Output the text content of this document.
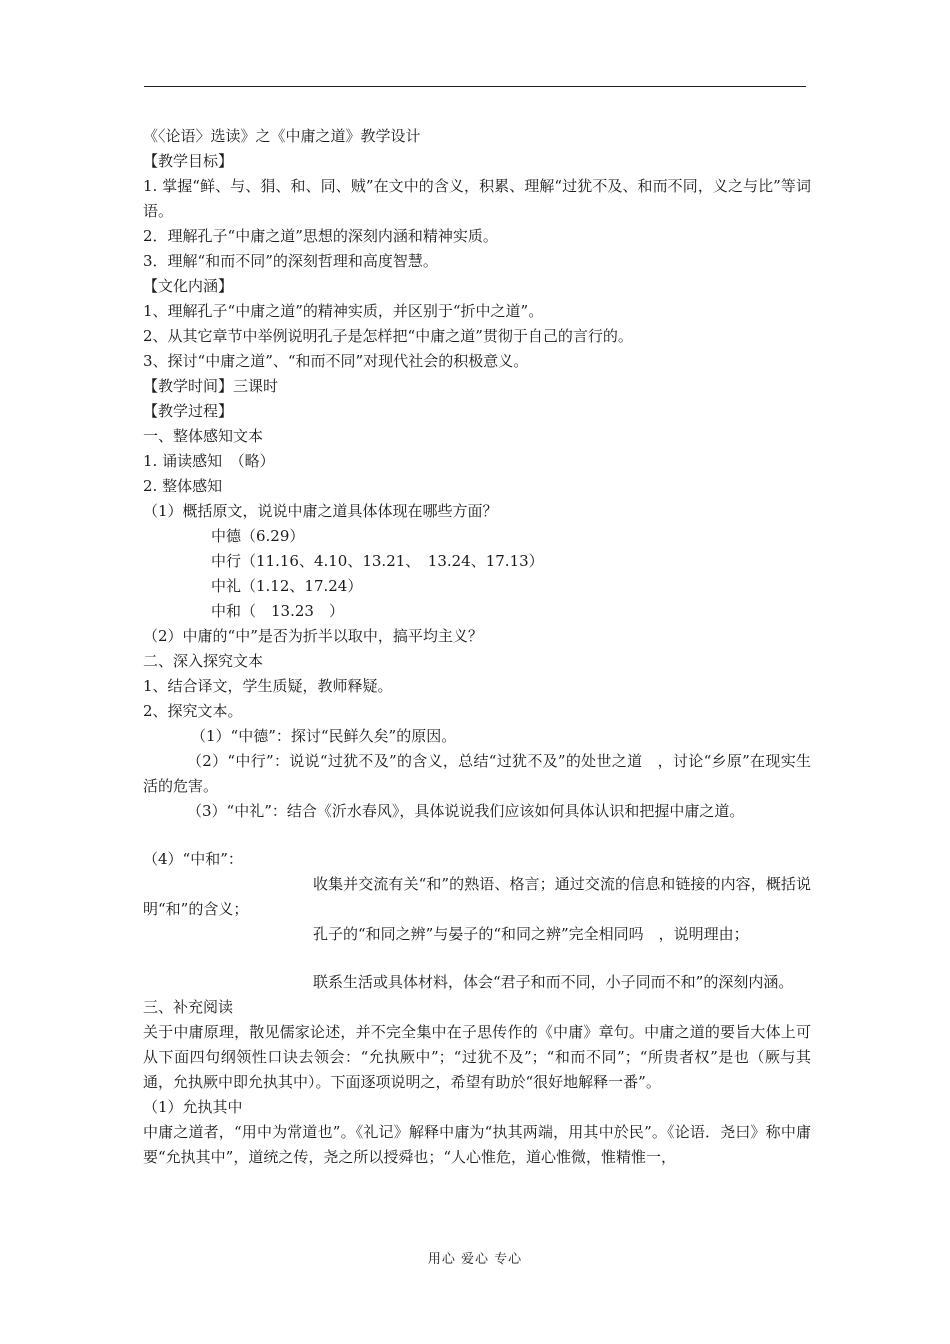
《〈论语〉选读》之《中庸之道》教学设计
【教学目标】
1. 掌握“鲜、与、狷、和、同、贼”在文中的含义，积累、理解“过犹不及、和而不同，义之与比”等词语。
2．理解孔子“中庸之道”思想的深刻内涵和精神实质。
3．理解“和而不同”的深刻哲理和高度智慧。
【文化内涵】
1、理解孔子“中庸之道”的精神实质，并区别于“折中之道”。
2、从其它章节中举例说明孔子是怎样把“中庸之道”贯彻于自己的言行的。
3、探讨“中庸之道”、“和而不同”对现代社会的积极意义。
【教学时间】三课时
【教学过程】
一、整体感知文本
1. 诵读感知　（略）
2. 整体感知
（1）概括原文，说说中庸之道具体体现在哪些方面？
中德（6.29）
中行（11.16、4.10、13.21、　13.24、17.13）
中礼（1.12、17.24）
中和（　13.23　）
（2）中庸的“中”是否为折半以取中，搞平均主义？
二、深入探究文本
1、结合译文，学生质疑，教师释疑。
2、探究文本。
（1）“中德”：探讨“民鲜久矣”的原因。
（2）“中行”：说说“过犹不及”的含义，总结“过犹不及”的处世之道　，讨论“乡原”在现实生活的危害。
（3）“中礼”：结合《沂水春风》，具体说说我们应该如何具体认识和把握中庸之道。
（4）“中和”：
收集并交流有关“和”的熟语、格言；通过交流的信息和链接的内容，概括说明“和”的含义；
孔子的“和同之辨”与晏子的“和同之辨”完全相同吗　，说明理由；
联系生活或具体材料，体会“君子和而不同，小子同而不和”的深刻内涵。
三、补充阅读
关于中庸原理，散见儒家论述，并不完全集中在子思传作的《中庸》章句。中庸之道的要旨大体上可从下面四句纲领性口诀去领会：“允执厥中”；“过犹不及”；“和而不同”；“所贵者权”是也（厥与其通，允执厥中即允执其中）。下面逐项说明之，希望有助於“很好地解释一番”。
（1）允执其中
中庸之道者，“用中为常道也”。《礼记》解释中庸为“执其两端，用其中於民”。《论语．尧曰》称中庸要“允执其中”，道统之传，尧之所以授舜也；“人心惟危，道心惟微，惟精惟一，
用心 爱心 专心
